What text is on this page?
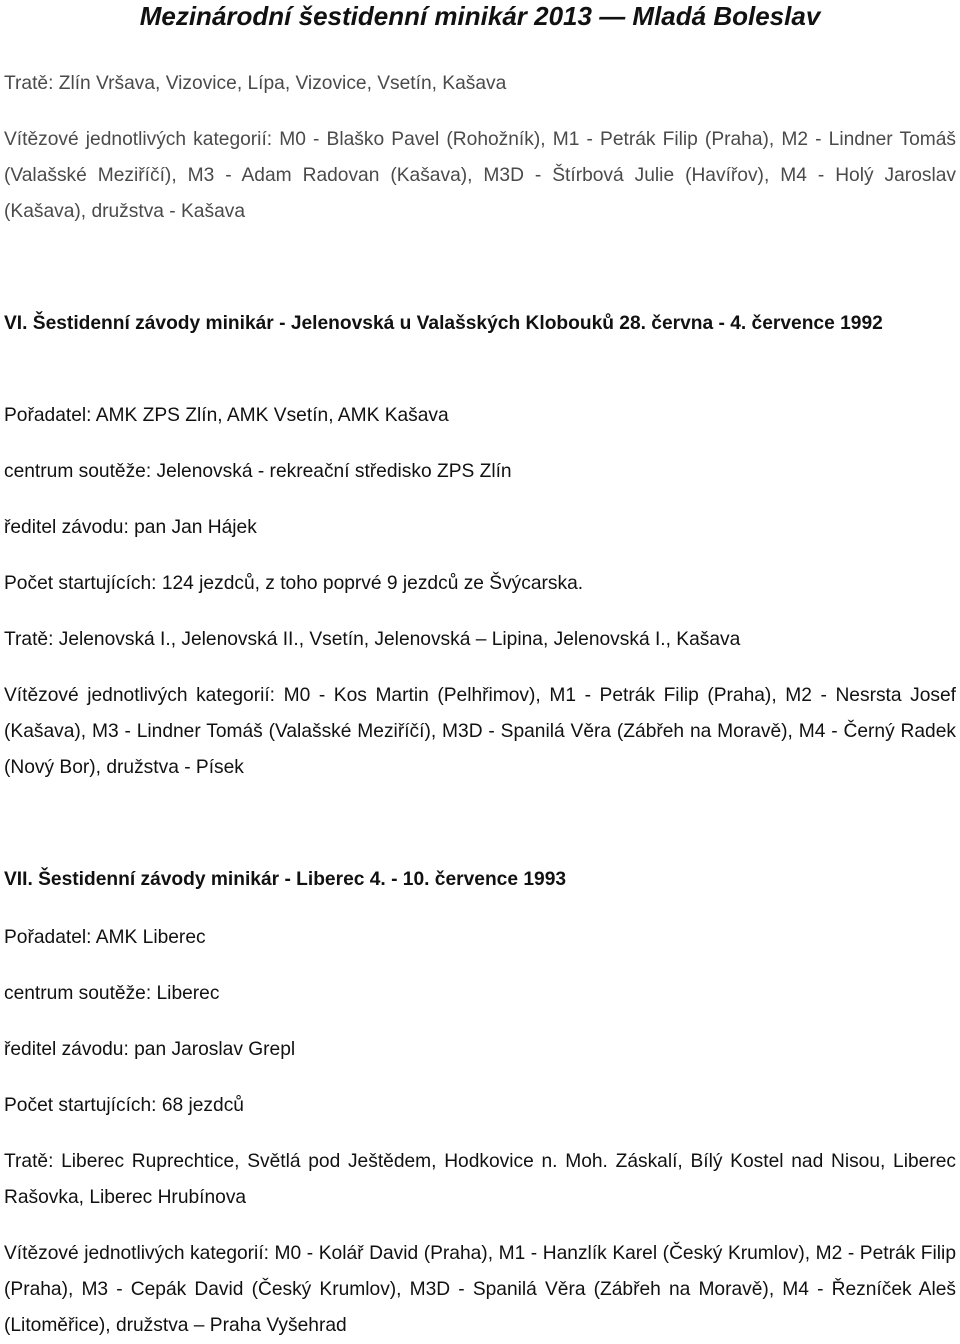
Mezinárodní šestidenní minikár 2013 — Mladá Boleslav
Tratě: Zlín Vršava, Vizovice, Lípa, Vizovice, Vsetín, Kašava
Vítězové jednotlivých kategorií: M0 - Blaško Pavel (Rohožník), M1 - Petrák Filip (Praha), M2 - Lindner Tomáš (Valašské Meziříčí), M3 - Adam Radovan (Kašava), M3D - Štírbová Julie (Havířov), M4 - Holý Jaroslav (Kašava), družstva - Kašava
VI. Šestidenní závody minikár - Jelenovská u Valašských Klobouků 28. června - 4. července 1992
Pořadatel: AMK ZPS Zlín, AMK Vsetín, AMK Kašava
centrum soutěže: Jelenovská - rekreační středisko ZPS Zlín
ředitel závodu: pan Jan Hájek
Počet startujících: 124 jezdců, z toho poprvé 9 jezdců ze Švýcarska.
Tratě: Jelenovská I., Jelenovská II., Vsetín, Jelenovská – Lipina, Jelenovská I., Kašava
Vítězové jednotlivých kategorií: M0 - Kos Martin (Pelhřimov), M1 - Petrák Filip (Praha), M2 - Nesrsta Josef (Kašava), M3 - Lindner Tomáš (Valašské Meziříčí), M3D - Spanilá Věra (Zábřeh na Moravě), M4 - Černý Radek (Nový Bor), družstva - Písek
VII. Šestidenní závody minikár - Liberec 4. - 10. července 1993
Pořadatel: AMK Liberec
centrum soutěže: Liberec
ředitel závodu: pan Jaroslav Grepl
Počet startujících: 68 jezdců
Tratě: Liberec Ruprechtice, Světlá pod Ještědem, Hodkovice n. Moh. Záskalí, Bílý Kostel nad Nisou, Liberec Rašovka, Liberec Hrubínova
Vítězové jednotlivých kategorií: M0 - Kolář David (Praha), M1 - Hanzlík Karel (Český Krumlov), M2 - Petrák Filip (Praha), M3 - Cepák David (Český Krumlov), M3D - Spanilá Věra (Zábřeh na Moravě), M4 - Řezníček Aleš (Litoměřice), družstva – Praha Vyšehrad
